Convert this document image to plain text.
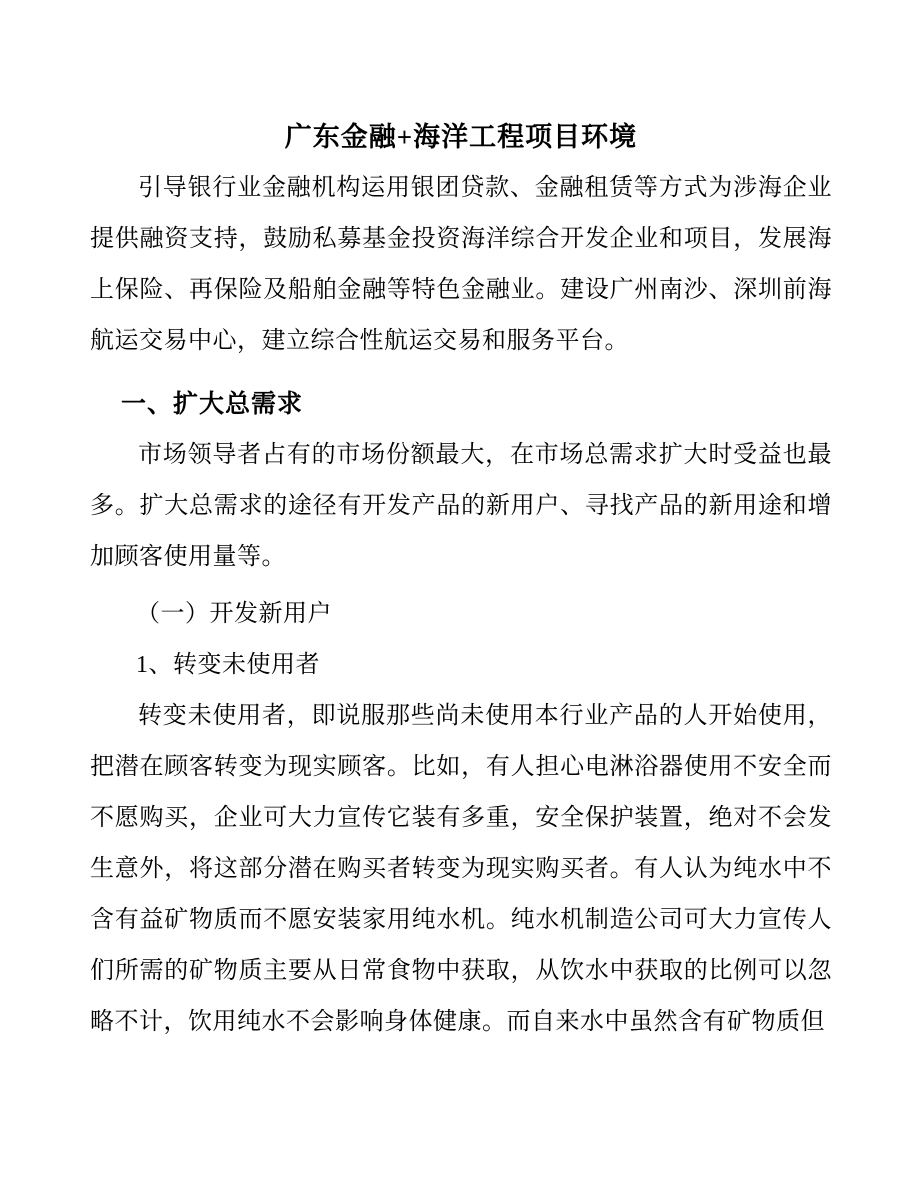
广东金融+海洋工程项目环境

引导银行业金融机构运用银团贷款、金融租赁等方式为涉海企业提供融资支持，鼓励私募基金投资海洋综合开发企业和项目，发展海上保险、再保险及船舶金融等特色金融业。建设广州南沙、深圳前海航运交易中心，建立综合性航运交易和服务平台。

一、扩大总需求

市场领导者占有的市场份额最大，在市场总需求扩大时受益也最多。扩大总需求的途径有开发产品的新用户、寻找产品的新用途和增加顾客使用量等。

（一）开发新用户
1、转变未使用者

转变未使用者，即说服那些尚未使用本行业产品的人开始使用，把潜在顾客转变为现实顾客。比如，有人担心电淋浴器使用不安全而不愿购买，企业可大力宣传它装有多重，安全保护装置，绝对不会发生意外，将这部分潜在购买者转变为现实购买者。有人认为纯水中不含有益矿物质而不愿安装家用纯水机。纯水机制造公司可大力宣传人们所需的矿物质主要从日常食物中获取，从饮水中获取的比例可以忽略不计，饮用纯水不会影响身体健康。而自来水中虽然含有矿物质但
